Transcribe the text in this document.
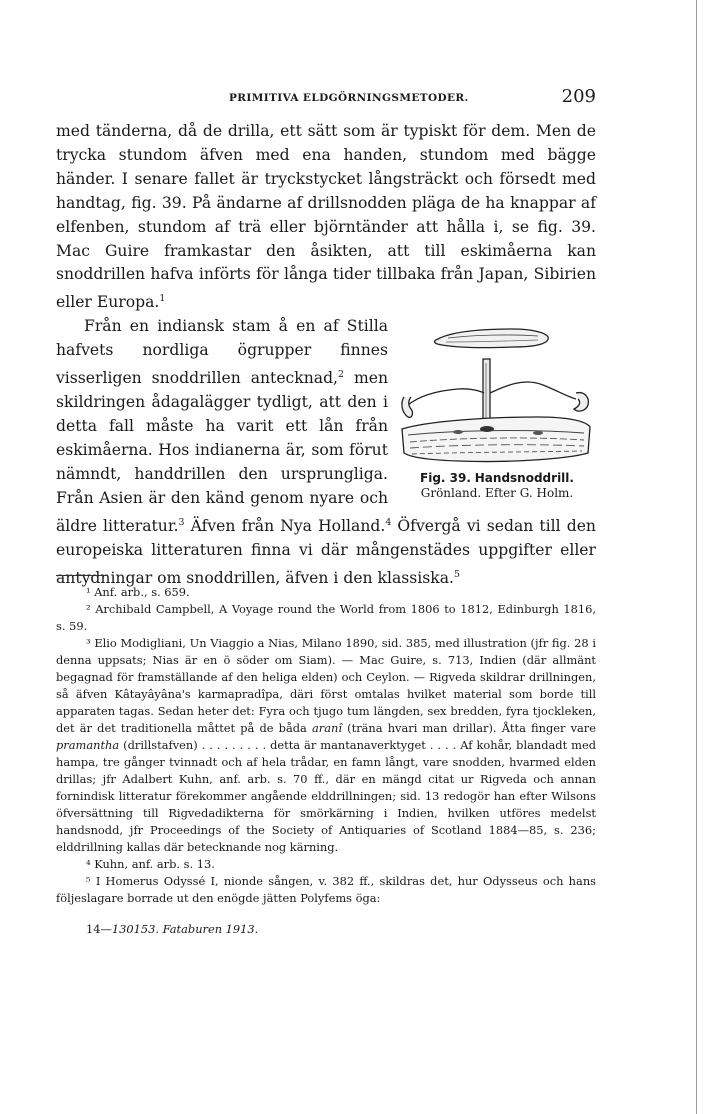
PRIMITIVA ELDGÖRNINGSMETODER.	209

med tänderna, då de drilla, ett sätt som är typiskt för dem. Men de trycka stundom äfven med ena handen, stundom med bägge händer. I senare fallet är tryckstycket långsträckt och försedt med handtag, fig. 39. På ändarne af drillsnodden pläga de ha knappar af elfenben, stundom af trä eller björntänder att hålla i, se fig. 39. Mac Guire framkastar den åsikten, att till eskimåerna kan snoddrillen hafva införts för långa tider tillbaka från Japan, Sibirien eller Europa.$^1$

Fig. 39. Handsnoddrill.
Grönland. Efter G. Holm.

Från en indiansk stam å en af Stilla hafvets nordliga ögrupper finnes visserligen snoddrillen antecknad,$^2$ men skildringen ådagalägger tydligt, att den i detta fall måste ha varit ett lån från eskimåerna. Hos indianerna är, som förut nämndt, handdrillen den ursprungliga. Från Asien är den känd genom nyare och äldre litteratur.$^3$ Äfven från Nya Holland.$^4$ Öfvergå vi sedan till den europeiska litteraturen finna vi där mångenstädes uppgifter eller antydningar om snoddrillen, äfven i den klassiska.$^5$

¹ Anf. arb., s. 659.

² Archibald Campbell, A Voyage round the World from 1806 to 1812, Edinburgh 1816, s. 59.

³ Elio Modigliani, Un Viaggio a Nias, Milano 1890, sid. 385, med illustration (jfr fig. 28 i denna uppsats; Nias är en ö söder om Siam). — Mac Guire, s. 713, Indien (där allmänt begagnad för framställande af den heliga elden) och Ceylon. — Rigveda skildrar drillningen, så äfven Kâtayâyâna's karmapradîpa, däri först omtalas hvilket material som borde till apparaten tagas. Sedan heter det: Fyra och tjugo tum längden, sex bredden, fyra tjockleken, det är det traditionella måttet på de båda aranî (träna hvari man drillar). Åtta finger vare pramantha (drillstafven) . . . . . . . . . detta är mantanaverktyget . . . . Af kohår, blandadt med hampa, tre gånger tvinnadt och af hela trådar, en famn långt, vare snodden, hvarmed elden drillas; jfr Adalbert Kuhn, anf. arb. s. 70 ff., där en mängd citat ur Rigveda och annan fornindisk litteratur förekommer angående elddrillningen; sid. 13 redogör han efter Wilsons öfversättning till Rigvedadikterna för smörkärning i Indien, hvilken utföres medelst handsnodd, jfr Proceedings of the Society of Antiquaries of Scotland 1884—85, s. 236; elddrillning kallas där betecknande nog kärning.

⁴ Kuhn, anf. arb. s. 13.

⁵ I Homerus Odyssé I, nionde sången, v. 382 ff., skildras det, hur Odysseus och hans följeslagare borrade ut den enögde jätten Polyfems öga:

14—130153. Fataburen 1913.
